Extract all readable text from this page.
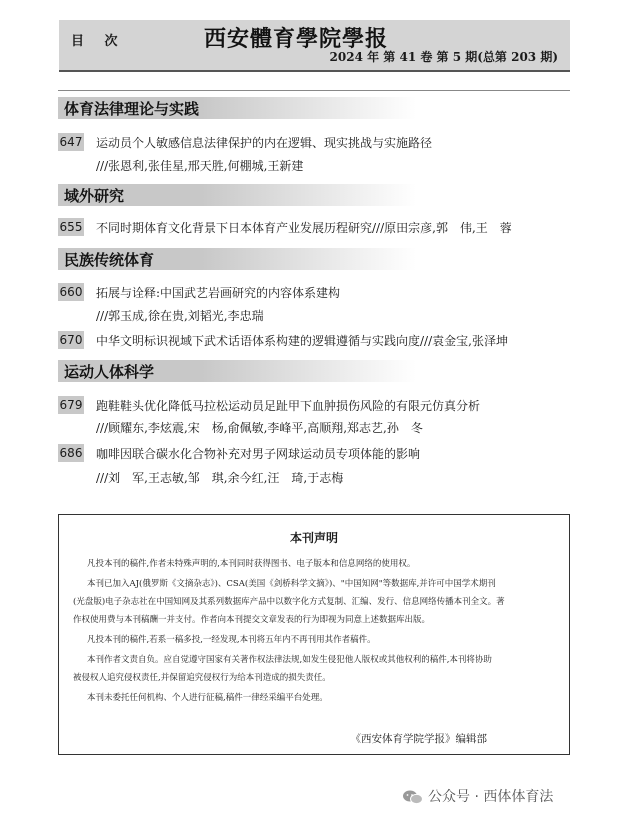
目 次	西安體育學院學报
2024 年 第 41 卷 第 5 期(总第 203 期)
体育法律理论与实践
647 运动员个人敏感信息法律保护的内在逻辑、现实挑战与实施路径
///张恩利,张佳星,邢天胜,何棚城,王新建
域外研究
655 不同时期体育文化背景下日本体育产业发展历程研究///原田宗彦,郭　伟,王　蓉
民族传统体育
660 拓展与诠释:中国武艺岩画研究的内容体系建构
///郭玉成,徐在贵,刘韬光,李忠瑞
670 中华文明标识视域下武术话语体系构建的逻辑遵循与实践向度///袁金宝,张泽坤
运动人体科学
679 跑鞋鞋头优化降低马拉松运动员足趾甲下血肿损伤风险的有限元仿真分析
///顾耀东,李炫震,宋　杨,俞佩敏,李峰平,高顺翔,郑志艺,孙　冬
686 咖啡因联合碳水化合物补充对男子网球运动员专项体能的影响
///刘　军,王志敏,邹　琪,余今红,汪　琦,于志梅
本刊声明
凡投本刊的稿件,作者未特殊声明的,本刊同时获得图书、电子版本和信息网络的使用权。
本刊已加入AJ(俄罗斯《文摘杂志》)、CSA(美国《剑桥科学文摘》)、"中国知网"等数据库,并许可中国学术期刊
(光盘版)电子杂志社在中国知网及其系列数据库产品中以数字化方式复制、汇编、发行、信息网络传播本刊全文。著
作权使用费与本刊稿酬一并支付。作者向本刊提交文章发表的行为即视为同意上述数据库出版。
凡投本刊的稿件,若系一稿多投,一经发现,本刊将五年内不再刊用其作者稿件。
本刊作者文责自负。应自觉遵守国家有关著作权法律法规,如发生侵犯他人版权或其他权利的稿件,本刊将协助
被侵权人追究侵权责任,并保留追究侵权行为给本刊造成的损失责任。
本刊未委托任何机构、个人进行征稿,稿件一律经采编平台处理。
《西安体育学院学报》编辑部
公众号 · 西体体育法
